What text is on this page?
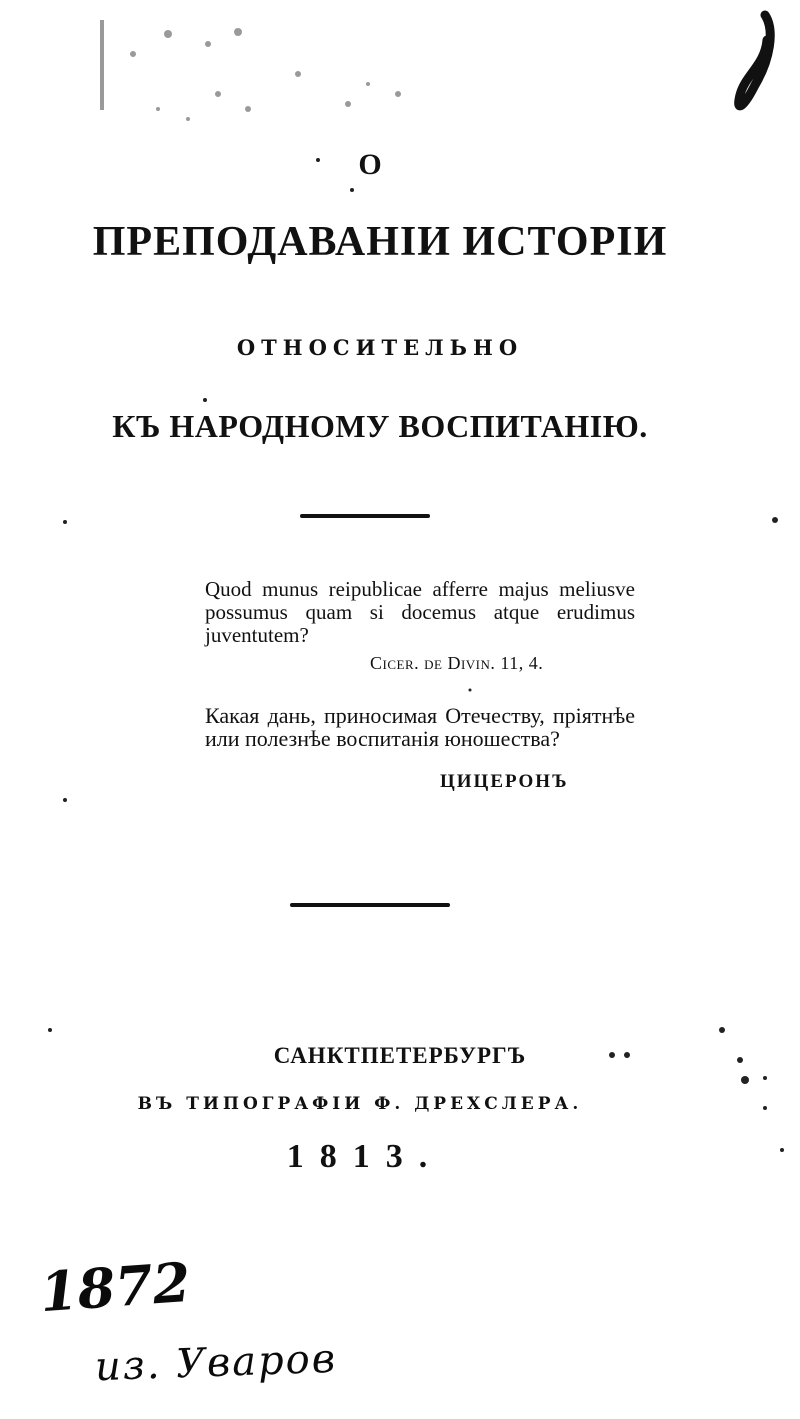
О
ПРЕПОДАВАНІИ ИСТОРІИ
ОТНОСИТЕЛЬНО
КЪ НАРОДНОМУ ВОСПИТАНІЮ.
Quod munus reipublicae afferre majus meliusve possumus quam si docemus atque erudimus juventutem?
Cicer. de Divin. 11, 4.
Какая дань, приносимая Отечеству, пріятнѣе или полезнѣе воспитанія юношества?
ЦИЦЕРОНЪ
САНКТПЕТЕРБУРГЪ
ВЪ ТИПОГРАФІИ Ф. ДРЕХСЛЕРА.
1813.
1872
из. Уваров
